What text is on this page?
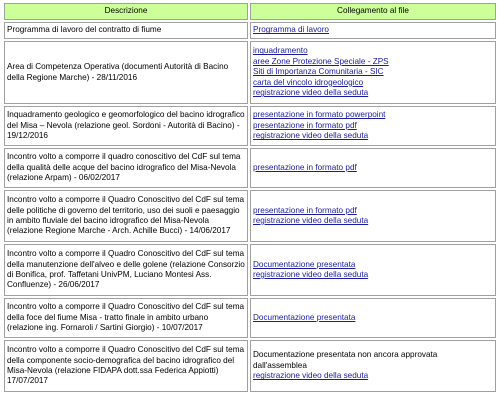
Descrizione	Collegamento al file
Programma di lavoro del contratto di fiume	Programma di lavoro

Area di Competenza Operativa (documenti Autorità di Bacino della Regione Marche) - 28/11/2016	inquadramento
aree Zone Protezione Speciale - ZPS
Siti di Importanza Comunitaria - SIC
carta del vincolo idrogeologico
registrazione video della seduta

Inquadramento geologico e geomorfologico del bacino idrografico del Misa – Nevola (relazione geol. Sordoni - Autorità di Bacino) - 19/12/2016	presentazione in formato powerpoint
presentazione in formato pdf
registrazione video della seduta

Incontro volto a comporre il quadro conoscitivo del CdF sul tema della qualità delle acque del bacino idrografico del Misa-Nevola (relazione Arpam) - 06/02/2017	presentazione in formato pdf

Incontro volto a comporre il Quadro Conoscitivo del CdF sul tema delle politiche di governo del territorio, uso dei suoli e paesaggio in ambito fluviale del bacino idrografico del Misa-Nevola (relazione Regione Marche - Arch. Achille Bucci) - 14/06/2017	presentazione in formato pdf
registrazione video della seduta

Incontro volto a comporre il Quadro Conoscitivo del CdF sul tema della manutenzione dell'alveo e delle golene (relazione Consorzio di Bonifica, prof. Taffetani UnivPM, Luciano Montesi Ass. Confluenze) - 26/06/2017	Documentazione presentata
registrazione video della seduta

Incontro volto a comporre il Quadro Conoscitivo del CdF sul tema della foce del fiume Misa - tratto finale in ambito urbano (relazione ing. Fornaroli / Sartini Giorgio) - 10/07/2017	Documentazione presentata

Incontro volto a comporre il Quadro Conoscitivo del CdF sul tema della componente socio-demografica del bacino idrografico del Misa-Nevola (relazione FIDAPA dott.ssa Federica Appiotti) 17/07/2017	Documentazione presentata non ancora approvata dall'assemblea
registrazione video della seduta
